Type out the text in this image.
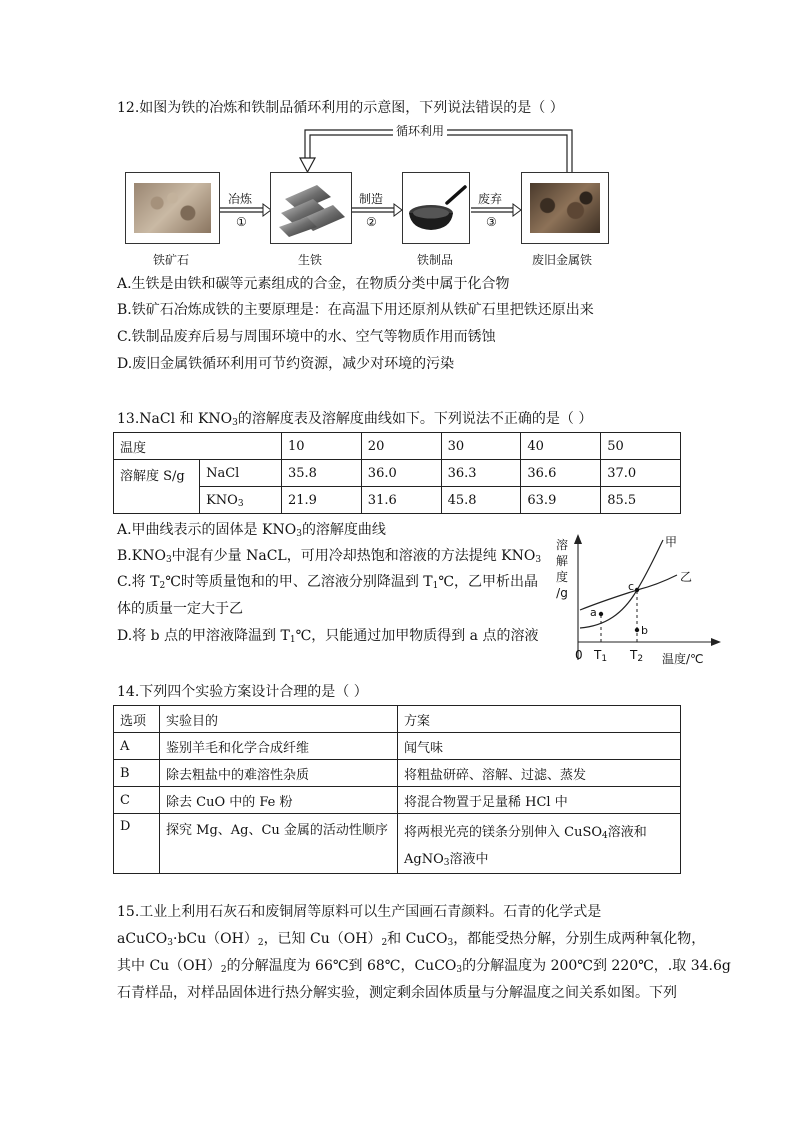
12.如图为铁的冶炼和铁制品循环利用的示意图，下列说法错误的是（ ）
循环利用
铁矿石	生铁	铁制品	废旧金属铁
冶炼
①
制造
②
废弃
③
A.生铁是由铁和碳等元素组成的合金，在物质分类中属于化合物
B.铁矿石冶炼成铁的主要原理是：在高温下用还原剂从铁矿石里把铁还原出来
C.铁制品废弃后易与周围环境中的水、空气等物质作用而锈蚀
D.废旧金属铁循环利用可节约资源，减少对环境的污染
13.NaCl 和 $KNO_3$的溶解度表及溶解度曲线如下。下列说法不正确的是（ ）
温度		10	20	30	40	50
溶解度 S/g	NaCl	35.8	36.0	36.3	36.6	37.0
	$KNO_3$	21.9	31.6	45.8	63.9	85.5
A.甲曲线表示的固体是 $KNO_3$的溶解度曲线
$B.KNO_3$中混有少量 NaCL，可用冷却热饱和溶液的方法提纯 $KNO_3$
C.将 $T_2℃$时等质量饱和的甲、乙溶液分别降温到 $T_1℃$，乙甲析出晶
体的质量一定大于乙
D.将 b 点的甲溶液降温到 $T_1℃$，只能通过加甲物质得到 a 点的溶液
溶
解
度
/g
甲
乙
a
c
b
0 $T_1$ $T_2$ 温度/℃
14.下列四个实验方案设计合理的是（ ）
选项	实验目的	方案
A	鉴别羊毛和化学合成纤维	闻气味
B	除去粗盐中的难溶性杂质	将粗盐研碎、溶解、过滤、蒸发
C	除去 CuO 中的 Fe 粉	将混合物置于足量稀 HCl 中
D	探究 Mg、Ag、Cu 金属的活动性顺序	将两根光亮的镁条分别伸入 CuSO$_4$溶液和
AgNO$_3$溶液中
15.工业上利用石灰石和废铜屑等原料可以生产国画石青颜料。石青的化学式是
$aCuCO_3\cdot bCu(OH)_2$，已知 $Cu(OH)_2$和 CuCO$_3$，都能受热分解，分别生成两种氧化物，
其中 $Cu(OH)_2$的分解温度为 66℃到 68℃，CuCO$_3$的分解温度为 200℃到 220℃，.取 34.6g
石青样品，对样品固体进行热分解实验，测定剩余固体质量与分解温度之间关系如图。下列
